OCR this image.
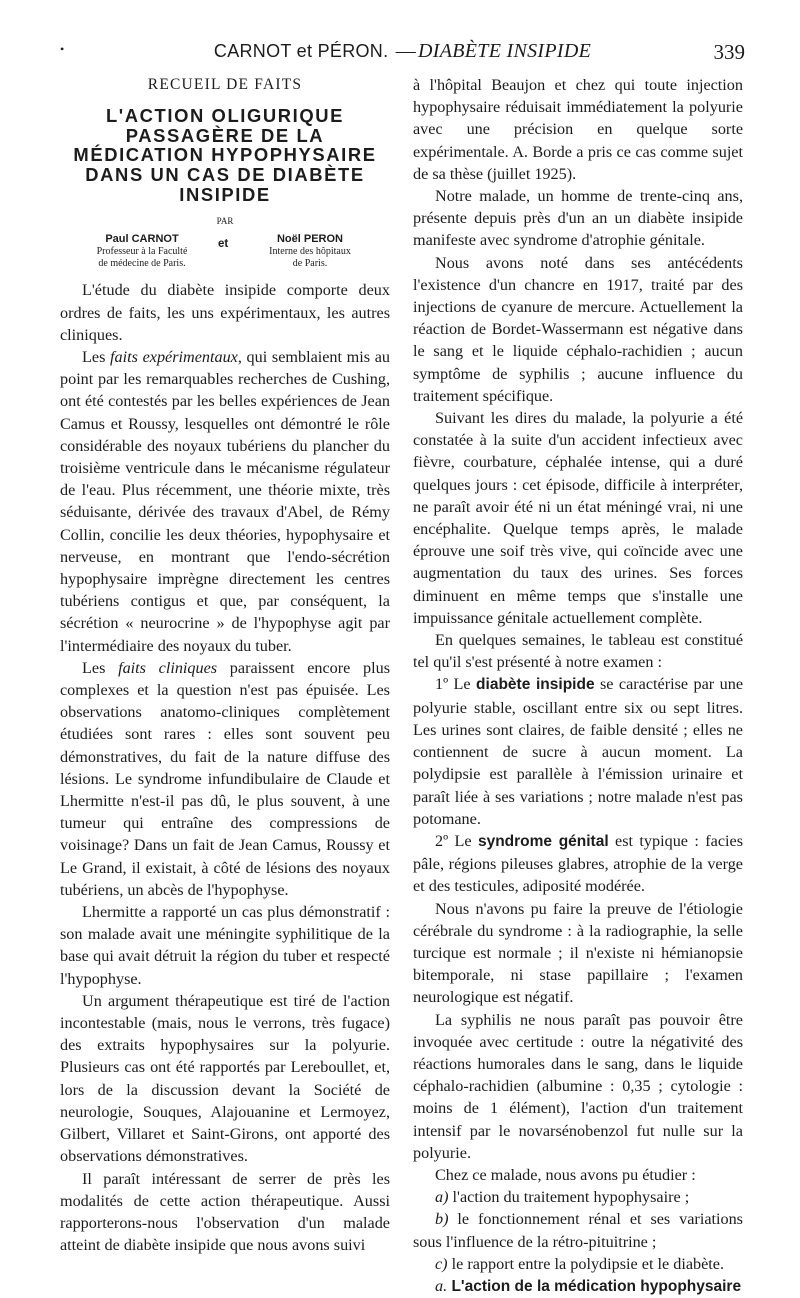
•	CARNOT et PÉRON. — DIABÈTE INSIPIDE	339
RECUEIL DE FAITS
L'ACTION OLIGURIQUE
PASSAGÈRE DE LA
MÉDICATION HYPOPHYSAIRE
DANS UN CAS DE DIABÈTE
INSIPIDE
PAR
Paul CARNOT
Professeur à la Faculté
de médecine de Paris.
et	Noël PERON
Interne des hôpitaux
de Paris.

L'étude du diabète insipide comporte deux ordres de faits, les uns expérimentaux, les autres cliniques.

Les faits expérimentaux, qui semblaient mis au point par les remarquables recherches de Cushing, ont été contestés par les belles expériences de Jean Camus et Roussy, lesquelles ont démontré le rôle considérable des noyaux tubériens du plancher du troisième ventricule dans le mécanisme régulateur de l'eau. Plus récemment, une théorie mixte, très séduisante, dérivée des travaux d'Abel, de Rémy Collin, concilie les deux théories, hypophysaire et nerveuse, en montrant que l'endo-sécrétion hypophysaire imprègne directement les centres tubériens contigus et que, par conséquent, la sécrétion « neurocrine » de l'hypophyse agit par l'intermédiaire des noyaux du tuber.

Les faits cliniques paraissent encore plus complexes et la question n'est pas épuisée. Les observations anatomo-cliniques complètement étudiées sont rares : elles sont souvent peu démonstratives, du fait de la nature diffuse des lésions. Le syndrome infundibulaire de Claude et Lhermitte n'est-il pas dû, le plus souvent, à une tumeur qui entraîne des compressions de voisinage? Dans un fait de Jean Camus, Roussy et Le Grand, il existait, à côté de lésions des noyaux tubériens, un abcès de l'hypophyse.

Lhermitte a rapporté un cas plus démonstratif : son malade avait une méningite syphilitique de la base qui avait détruit la région du tuber et respecté l'hypophyse.

Un argument thérapeutique est tiré de l'action incontestable (mais, nous le verrons, très fugace) des extraits hypophysaires sur la polyurie. Plusieurs cas ont été rapportés par Lereboullet, et, lors de la discussion devant la Société de neurologie, Souques, Alajouanine et Lermoyez, Gilbert, Villaret et Saint-Girons, ont apporté des observations démonstratives.

Il paraît intéressant de serrer de près les modalités de cette action thérapeutique. Aussi rapporterons-nous l'observation d'un malade atteint de diabète insipide que nous avons suivi

à l'hôpital Beaujon et chez qui toute injection hypophysaire réduisait immédiatement la polyurie avec une précision en quelque sorte expérimentale. A. Borde a pris ce cas comme sujet de sa thèse (juillet 1925).

Notre malade, un homme de trente-cinq ans, présente depuis près d'un an un diabète insipide manifeste avec syndrome d'atrophie génitale.

Nous avons noté dans ses antécédents l'existence d'un chancre en 1917, traité par des injections de cyanure de mercure. Actuellement la réaction de Bordet-Wassermann est négative dans le sang et le liquide céphalo-rachidien ; aucun symptôme de syphilis ; aucune influence du traitement spécifique.

Suivant les dires du malade, la polyurie a été constatée à la suite d'un accident infectieux avec fièvre, courbature, céphalée intense, qui a duré quelques jours : cet épisode, difficile à interpréter, ne paraît avoir été ni un état méningé vrai, ni une encéphalite. Quelque temps après, le malade éprouve une soif très vive, qui coïncide avec une augmentation du taux des urines. Ses forces diminuent en même temps que s'installe une impuissance génitale actuellement complète.

En quelques semaines, le tableau est constitué tel qu'il s'est présenté à notre examen :

1º Le diabète insipide se caractérise par une polyurie stable, oscillant entre six ou sept litres. Les urines sont claires, de faible densité ; elles ne contiennent de sucre à aucun moment. La polydipsie est parallèle à l'émission urinaire et paraît liée à ses variations ; notre malade n'est pas potomane.

2º Le syndrome génital est typique : facies pâle, régions pileuses glabres, atrophie de la verge et des testicules, adiposité modérée.

Nous n'avons pu faire la preuve de l'étiologie cérébrale du syndrome : à la radiographie, la selle turcique est normale ; il n'existe ni hémianopsie bitemporale, ni stase papillaire ; l'examen neurologique est négatif.

La syphilis ne nous paraît pas pouvoir être invoquée avec certitude : outre la négativité des réactions humorales dans le sang, dans le liquide céphalo-rachidien (albumine : 0,35 ; cytologie : moins de 1 élément), l'action d'un traitement intensif par le novarsénobenzol fut nulle sur la polyurie.

Chez ce malade, nous avons pu étudier :

a) l'action du traitement hypophysaire ;

b) le fonctionnement rénal et ses variations sous l'influence de la rétro-pituitrine ;

c) le rapport entre la polydipsie et le diabète.

a. L'action de la médication hypophysaire
